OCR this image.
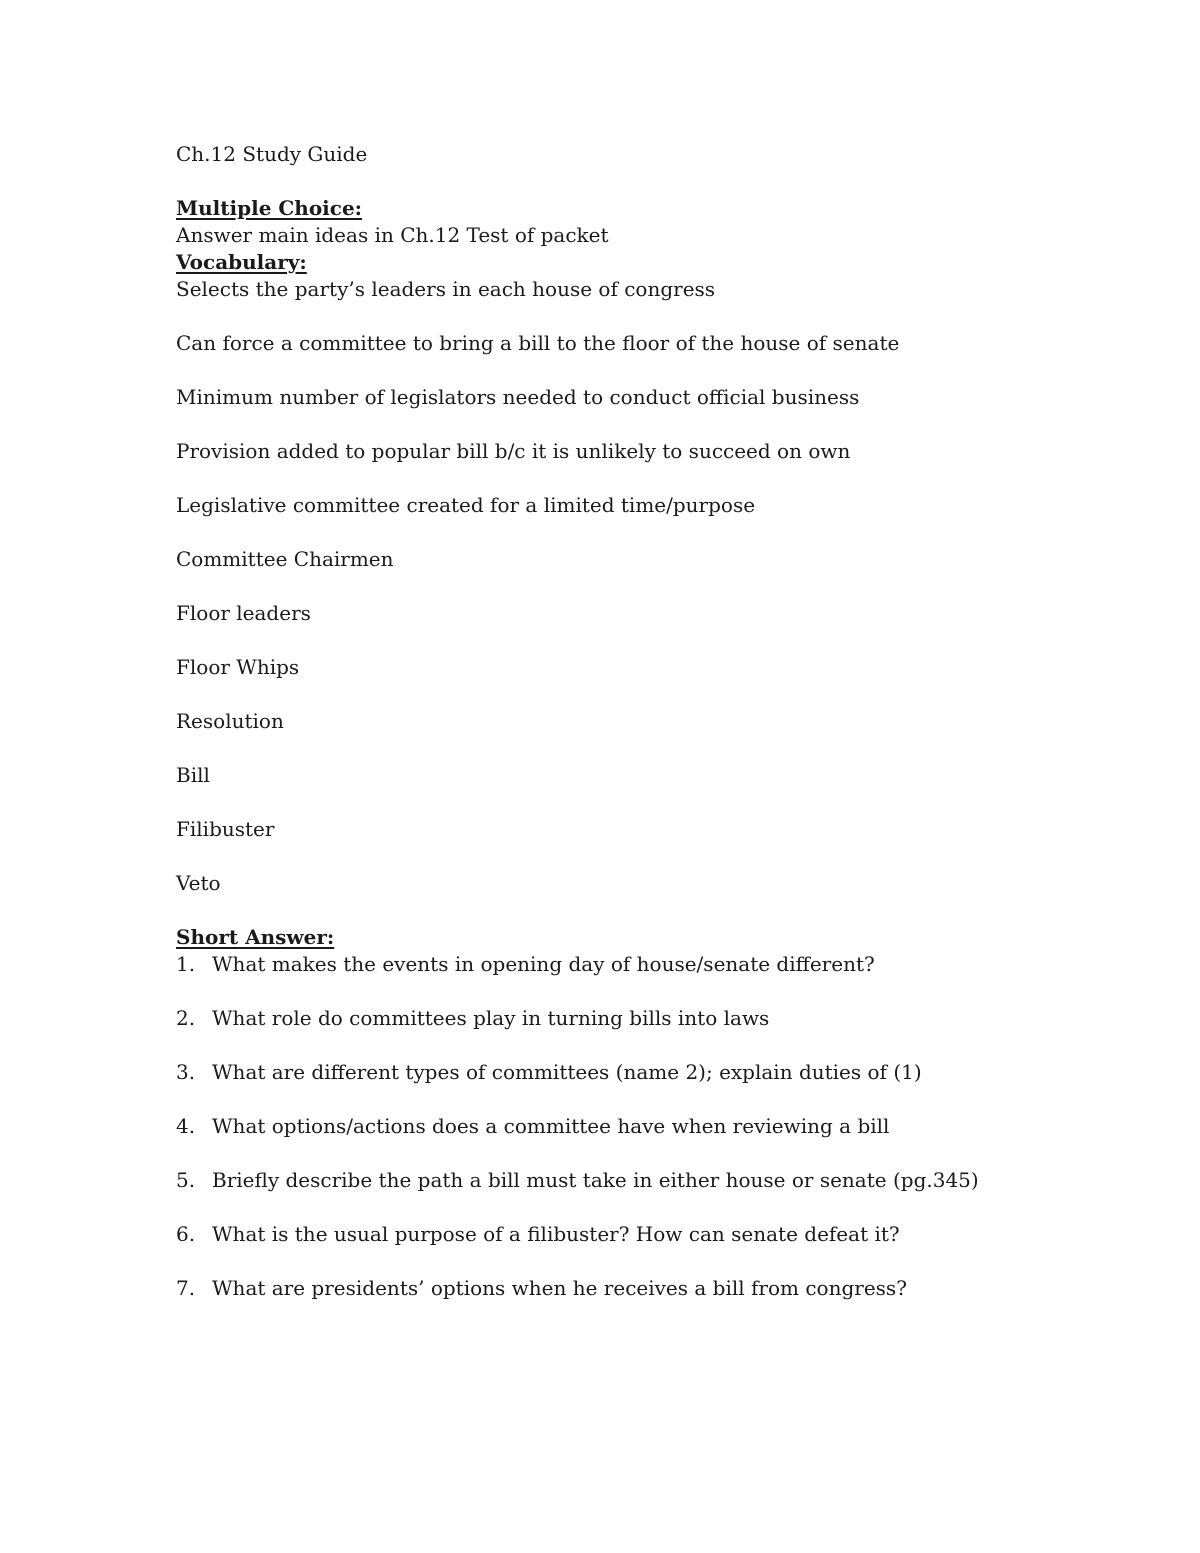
Ch.12 Study Guide
Multiple Choice:
Answer main ideas in Ch.12 Test of packet
Vocabulary:
Selects the party’s leaders in each house of congress
Can force a committee to bring a bill to the floor of the house of senate
Minimum number of legislators needed to conduct official business
Provision added to popular bill b/c it is unlikely to succeed on own
Legislative committee created for a limited time/purpose
Committee Chairmen
Floor leaders
Floor Whips
Resolution
Bill
Filibuster
Veto
Short Answer:
1. What makes the events in opening day of house/senate different?
2. What role do committees play in turning bills into laws
3. What are different types of committees (name 2); explain duties of (1)
4. What options/actions does a committee have when reviewing a bill
5. Briefly describe the path a bill must take in either house or senate (pg.345)
6. What is the usual purpose of a filibuster? How can senate defeat it?
7. What are presidents’ options when he receives a bill from congress?
